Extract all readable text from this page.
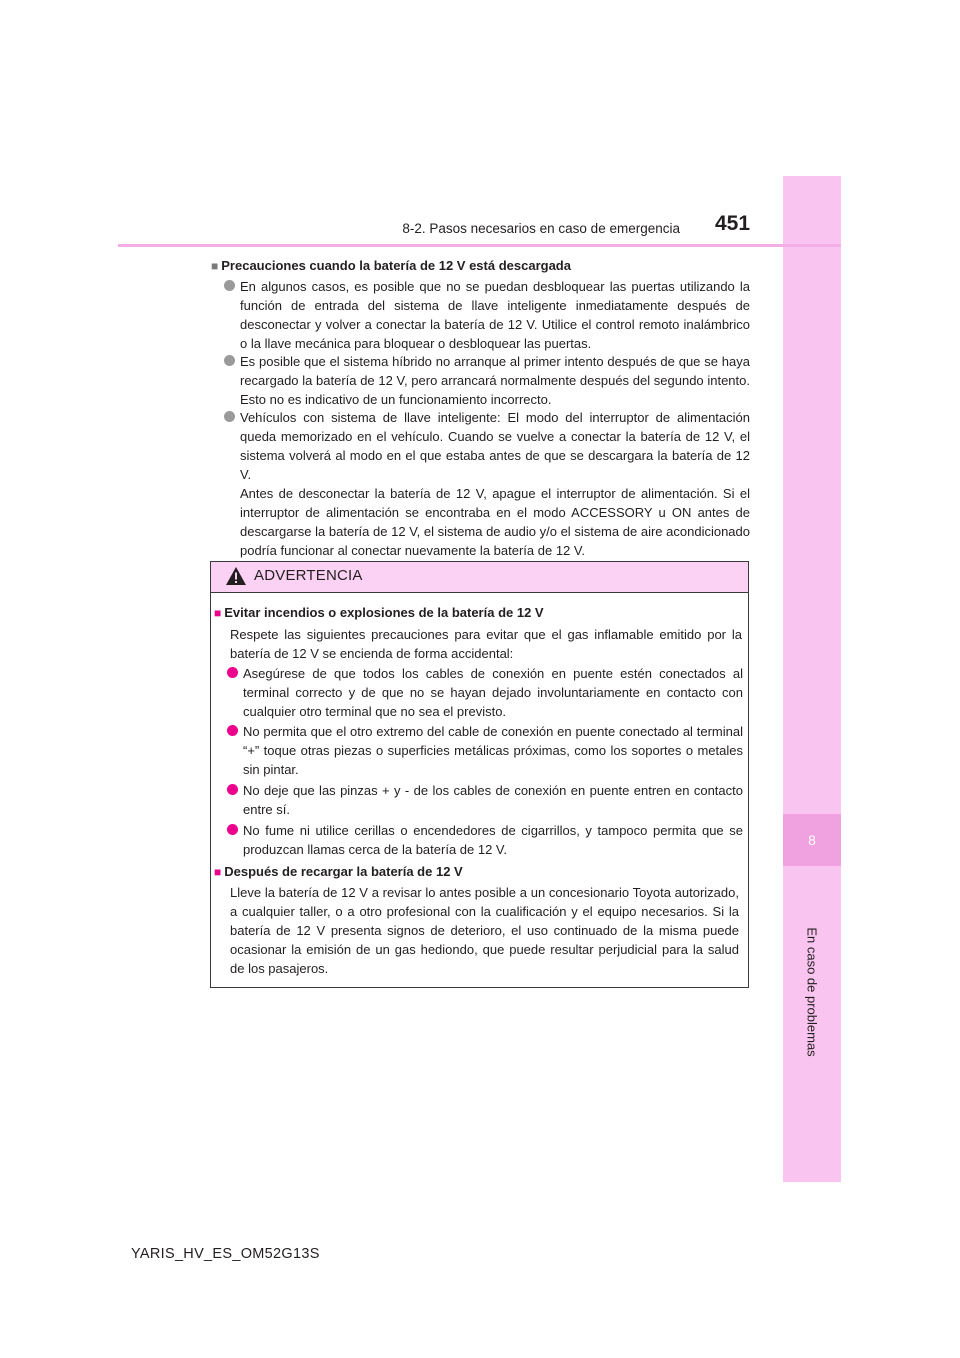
8
En caso de problemas
8-2. Pasos necesarios en caso de emergencia 451
■ Precauciones cuando la batería de 12 V está descargada
En algunos casos, es posible que no se puedan desbloquear las puertas utilizando la función de entrada del sistema de llave inteligente inmediatamente después de desconectar y volver a conectar la batería de 12 V. Utilice el control remoto inalámbrico o la llave mecánica para bloquear o desbloquear las puertas.
Es posible que el sistema híbrido no arranque al primer intento después de que se haya recargado la batería de 12 V, pero arrancará normalmente después del segundo intento. Esto no es indicativo de un funcionamiento incorrecto.
Vehículos con sistema de llave inteligente: El modo del interruptor de alimentación queda memorizado en el vehículo. Cuando se vuelve a conectar la batería de 12 V, el sistema volverá al modo en el que estaba antes de que se descargara la batería de 12 V.
Antes de desconectar la batería de 12 V, apague el interruptor de alimentación. Si el interruptor de alimentación se encontraba en el modo ACCESSORY u ON antes de descargarse la batería de 12 V, el sistema de audio y/o el sistema de aire acondicionado podría funcionar al conectar nuevamente la batería de 12 V.
ADVERTENCIA
■ Evitar incendios o explosiones de la batería de 12 V
Respete las siguientes precauciones para evitar que el gas inflamable emitido por la batería de 12 V se encienda de forma accidental:
Asegúrese de que todos los cables de conexión en puente estén conectados al terminal correcto y de que no se hayan dejado involuntariamente en contacto con cualquier otro terminal que no sea el previsto.
No permita que el otro extremo del cable de conexión en puente conectado al terminal “+” toque otras piezas o superficies metálicas próximas, como los soportes o metales sin pintar.
No deje que las pinzas + y - de los cables de conexión en puente entren en contacto entre sí.
No fume ni utilice cerillas o encendedores de cigarrillos, y tampoco permita que se produzcan llamas cerca de la batería de 12 V.
■ Después de recargar la batería de 12 V
Lleve la batería de 12 V a revisar lo antes posible a un concesionario Toyota autorizado, a cualquier taller, o a otro profesional con la cualificación y el equipo necesarios. Si la batería de 12 V presenta signos de deterioro, el uso continuado de la misma puede ocasionar la emisión de un gas hediondo, que puede resultar perjudicial para la salud de los pasajeros.
YARIS_HV_ES_OM52G13S
